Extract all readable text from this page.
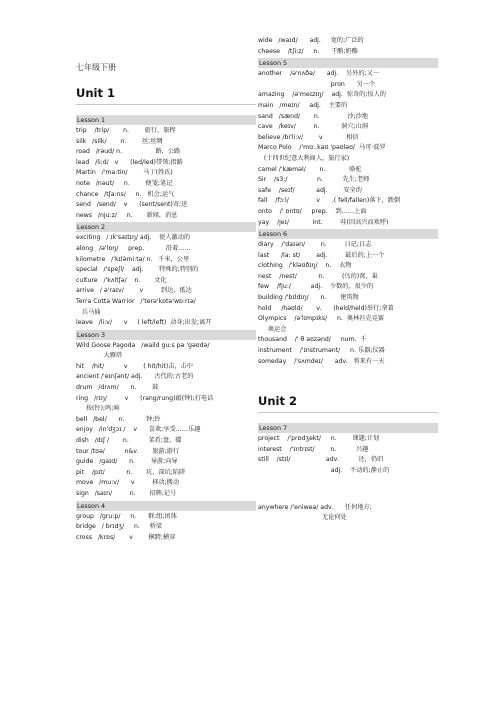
七年级下册
Unit 1
Lesson 1
trip    /trip/       n.        旅行，旅程
silk   /silk/       n.        丝;丝绸
road   /rəud/ n.                 路，公路
lead   /li:d/   v      (led/led)带领;指路
Martin   /'ma:tin/        马丁(姓氏)
note   /nəut/     n.        便笺;笔记
chance   /tʃa:ns/     n.   机会;运气
send   /send/    v      (sent/sent)寄;送
news   /nju:z/     n.       新闻，消息
Lesson 2
exciting   / ɪk'saɪtɪŋ/ adj.    使人激动的
along   /ə'lɒŋ/     prep.           沿着……
kilometre   /'kɪlə̀mi:tə/ n.   千米，公里
special   /'speʃl/    adj.        特殊的;特别的
culture   /'kʌltʃə/    n.       文化
arrive   / ə'raɪv/        v         到达，抵达
Terra Cotta Warrior   /'terə'kɒtə'wɒ:rɪə/
兵马俑
leave   /li:v/      v     ( left/left)  动身;出发;离开
Lesson 3
Wild Goose Pagoda   /waild gu:s pə 'gəʊdə/
大雁塔
hit    /hit/          v        ( hit/hit)击，击中
ancient /'eɪnʃənt/ adj.      古代的;古老的
drum   /drʌm/      n.        鼓
ring   /rɪŋ/         v      (rang/rung)敲(钟);打电话
按(铃);鸣;响
bell   /bel/      n.           钟;铃
enjoy   /in'dʒɔɪ /    v      喜欢;享受……乐趣
dish   /dɪʃ /       n.          菜肴;盘，碟
tour /tʊə/          n&v.       旅游;游行
guide   /gaɪd/      n.        导游;向导
pit    /pɪt/           n.       坑，深坑;陷阱
move   /mu:v/      v         移动;搬动
sign   /saɪn/         n.       招牌;记号
Lesson 4
group   /gru:p/     n.      群;组;团体
bridge   / brɪdʒ/     n.     桥梁
cross   /krɒs/       v        横跨;横穿
wide   /waɪd/      adj.     宽的;广泛的
cheese    /tʃi:z/     n.      干酪;奶酪
Lesson 5
another    /ə'nʌðə/      adj.    另外的;又一
pron      另一个
amazing    /ə'meɪzɪŋ/    adj.  惊奇的;惊人的
main   /meɪn/     adj.    主要的
sand   /sænd/       n.              沙;沙地
cave   /keɪv/         n.           洞穴;山洞
believe /bi'li:v/        v            相信
Marco Polo    /'mɑ:.kəʊ 'pəʊləʊ/  马可·波罗
(十四世纪意大利商人、旅行家)
camel /'kæməl/       n.            骆驼
Sir    /s3:/               n.          先生;老师
safe    /seɪf/           adj.        安全的
fall    /fɔ:l/              v      .( fell/fallen)落下，跌倒
onto    /' ɒntʊ/     prep.    到……上面
yay    /jeɪ/            int.         哇(因高兴而欢呼)
Lesson 6
diary    /'daɪən/        n.         日记;日志
last      /la: st/        adj.         最后的;上一个
clothing   /'kləʊðɪŋ/    n.    衣物
nest    /nest/           n.         (鸟的)窝，巢
few    /fju:/          adj.    少数的，很少的
building /'bɪldɪŋ/      n.       建筑物
hold     /həʊld/       v.      (held/held)举行;拿着
Olympics    /ə'lɪmpɪks/     n.  奥林匹克竞赛
奥运会
thousand    /' θ aʊzənd/     num.  千
instrument    /'ɪnstrumənt/     n. 乐器;仪器
someday    /'sʌmdeɪ/      adv.   将来有一天
Unit 2
Lesson 7
project    /'prɒdʒekt/     n.        课题;计划
interest    /'ɪntrɪst/        n.          兴趣
still    /stɪl/                  adv.          还，仍旧
adj.    不动的;静止的
anywhere /'eniweə/ adv.      任何地方;
无论何处
